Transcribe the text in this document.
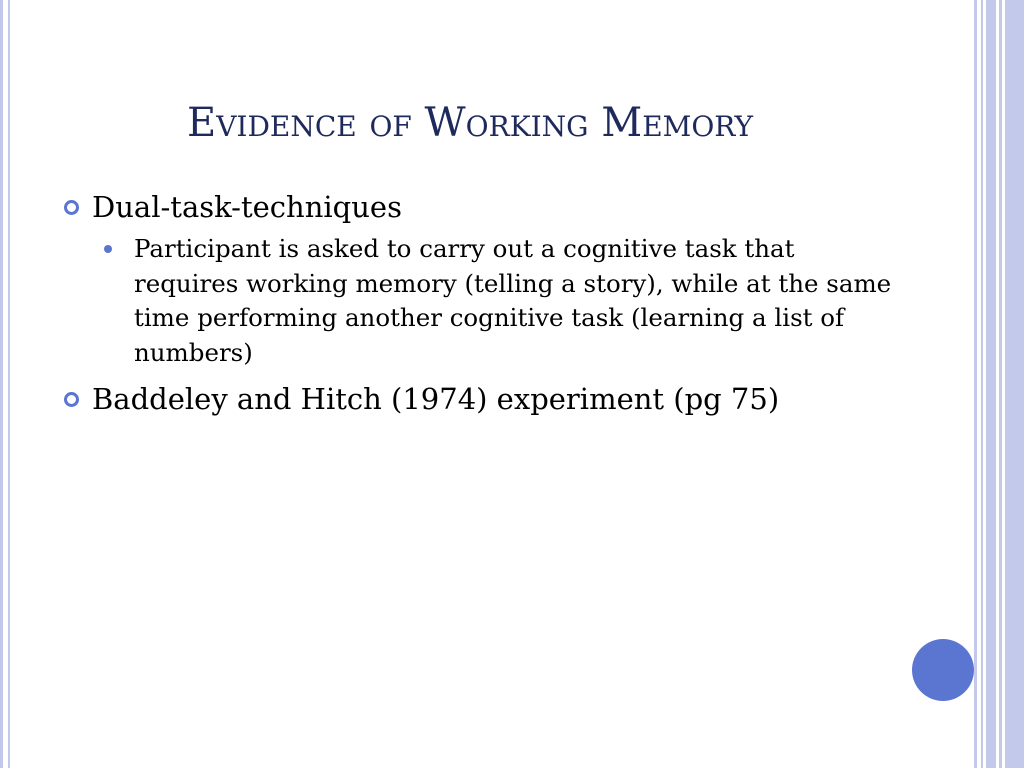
Evidence of Working Memory
Dual-task-techniques
Participant is asked to carry out a cognitive task that requires working memory (telling a story), while at the same time performing another cognitive task (learning a list of numbers)
Baddeley and Hitch (1974) experiment (pg 75)
